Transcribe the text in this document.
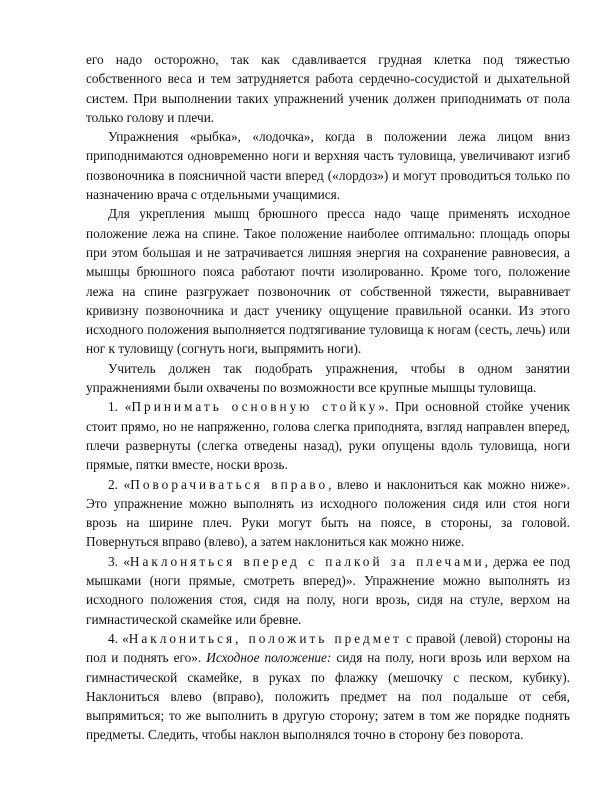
его надо осторожно, так как сдавливается грудная клетка под тяжестью собственного веса и тем затрудняется работа сердечно-сосудистой и дыхательной систем. При выполнении таких упражнений ученик должен приподнимать от пола только голову и плечи.

Упражнения «рыбка», «лодочка», когда в положении лежа лицом вниз приподнимаются одновременно ноги и верхняя часть туловища, увеличивают изгиб позвоночника в поясничной части вперед («лордоз») и могут проводиться только по назначению врача с отдельными учащимися.

Для укрепления мышц брюшного пресса надо чаще применять исходное положение лежа на спине. Такое положение наиболее оптимально: площадь опоры при этом большая и не затрачивается лишняя энергия на сохранение равновесия, а мышцы брюшного пояса работают почти изолированно. Кроме того, положение лежа на спине разгружает позвоночник от собственной тяжести, выравнивает кривизну позвоночника и даст ученику ощущение правильной осанки. Из этого исходного положения выполняется подтягивание туловища к ногам (сесть, лечь) или ног к туловищу (согнуть ноги, выпрямить ноги).

Учитель должен так подобрать упражнения, чтобы в одном занятии упражнениями были охвачены по возможности все крупные мышцы туловища.

1. «Принимать основную стойку». При основной стойке ученик стоит прямо, но не напряженно, голова слегка приподнята, взгляд направлен вперед, плечи развернуты (слегка отведены назад), руки опущены вдоль туловища, ноги прямые, пятки вместе, носки врозь.

2. «Поворачиваться вправо, влево и наклониться как можно ниже». Это упражнение можно выполнять из исходного положения сидя или стоя ноги врозь на ширине плеч. Руки могут быть на поясе, в стороны, за головой. Повернуться вправо (влево), а затем наклониться как можно ниже.

3. «Наклоняться вперед с палкой за плечами, держа ее под мышками (ноги прямые, смотреть вперед)». Упражнение можно выполнять из исходного положения стоя, сидя на полу, ноги врозь, сидя на стуле, верхом на гимнастической скамейке или бревне.

4. «Наклониться, положить предмет с правой (левой) стороны на пол и поднять его». Исходное положение: сидя на полу, ноги врозь или верхом на гимнастической скамейке, в руках по флажку (мешочку с песком, кубику). Наклониться влево (вправо), положить предмет на пол подальше от себя, выпрямиться; то же выполнить в другую сторону; затем в том же порядке поднять предметы. Следить, чтобы наклон выполнялся точно в сторону без поворота.
